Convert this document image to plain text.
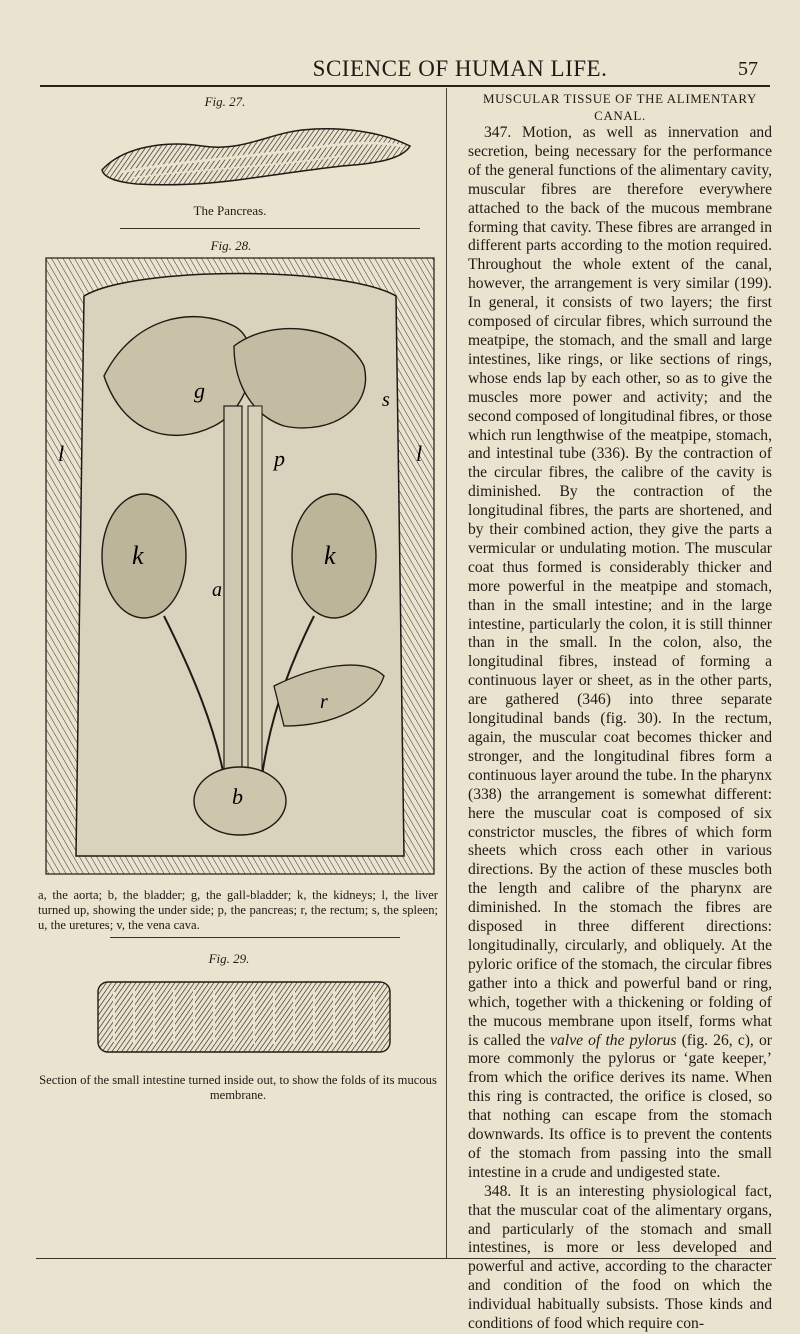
SCIENCE OF HUMAN LIFE.	57
Fig. 27.
The Pancreas.
Fig. 28.
g
l	l
p
k	k
a
r
b
s
a, the aorta; b, the bladder; g, the gall-bladder; k, the kidneys; l, the liver turned up, showing the under side; p, the pancreas; r, the rectum; s, the spleen; u, the uretures; v, the vena cava.
Fig. 29.
Section of the small intestine turned inside out, to show the folds of its mucous membrane.
MUSCULAR TISSUE OF THE ALIMENTARY
CANAL.

347. Motion, as well as innervation and secretion, being necessary for the performance of the general functions of the alimentary cavity, muscular fibres are therefore everywhere attached to the back of the mucous membrane forming that cavity. These fibres are arranged in different parts according to the motion required. Throughout the whole extent of the canal, however, the arrangement is very similar (199). In general, it consists of two layers; the first composed of circular fibres, which surround the meatpipe, the stomach, and the small and large intestines, like rings, or like sections of rings, whose ends lap by each other, so as to give the muscles more power and activity; and the second composed of longitudinal fibres, or those which run lengthwise of the meatpipe, stomach, and intestinal tube (336). By the contraction of the circular fibres, the calibre of the cavity is diminished. By the contraction of the longitudinal fibres, the parts are shortened, and by their combined action, they give the parts a vermicular or undulating motion. The muscular coat thus formed is considerably thicker and more powerful in the meatpipe and stomach, than in the small intestine; and in the large intestine, particularly the colon, it is still thinner than in the small. In the colon, also, the longitudinal fibres, instead of forming a continuous layer or sheet, as in the other parts, are gathered (346) into three separate longitudinal bands (fig. 30). In the rectum, again, the muscular coat becomes thicker and stronger, and the longitudinal fibres form a continuous layer around the tube. In the pharynx (338) the arrangement is somewhat different: here the muscular coat is composed of six constrictor muscles, the fibres of which form sheets which cross each other in various directions. By the action of these muscles both the length and calibre of the pharynx are diminished. In the stomach the fibres are disposed in three different directions: longitudinally, circularly, and obliquely. At the pyloric orifice of the stomach, the circular fibres gather into a thick and powerful band or ring, which, together with a thickening or folding of the mucous membrane upon itself, forms what is called the valve of the pylorus (fig. 26, c), or more commonly the pylorus or ‘gate keeper,’ from which the orifice derives its name. When this ring is contracted, the orifice is closed, so that nothing can escape from the stomach downwards. Its office is to prevent the contents of the stomach from passing into the small intestine in a crude and undigested state.

348. It is an interesting physiological fact, that the muscular coat of the alimentary organs, and particularly of the stomach and small intestines, is more or less developed and powerful and active, according to the character and condition of the food on which the individual habitually subsists. Those kinds and conditions of food which require con-
